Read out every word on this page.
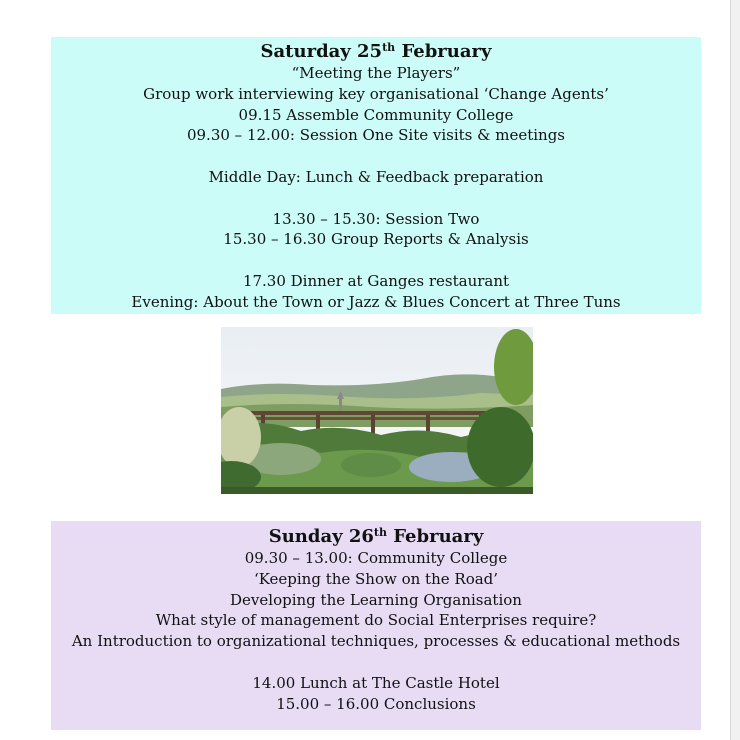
Saturday 25th February
“Meeting the Players”
Group work interviewing key organisational ‘Change Agents’
09.15 Assemble Community College
09.30 – 12.00: Session One Site visits & meetings
Middle Day: Lunch & Feedback preparation
13.30 – 15.30: Session Two
15.30 – 16.30 Group Reports & Analysis
17.30 Dinner at Ganges restaurant
Evening: About the Town or Jazz & Blues Concert at Three Tuns
Sunday 26th February
09.30 – 13.00: Community College
‘Keeping the Show on the Road’
Developing the Learning Organisation
What style of management do Social Enterprises require?
An Introduction to organizational techniques, processes & educational methods
14.00 Lunch at The Castle Hotel
15.00 – 16.00 Conclusions
